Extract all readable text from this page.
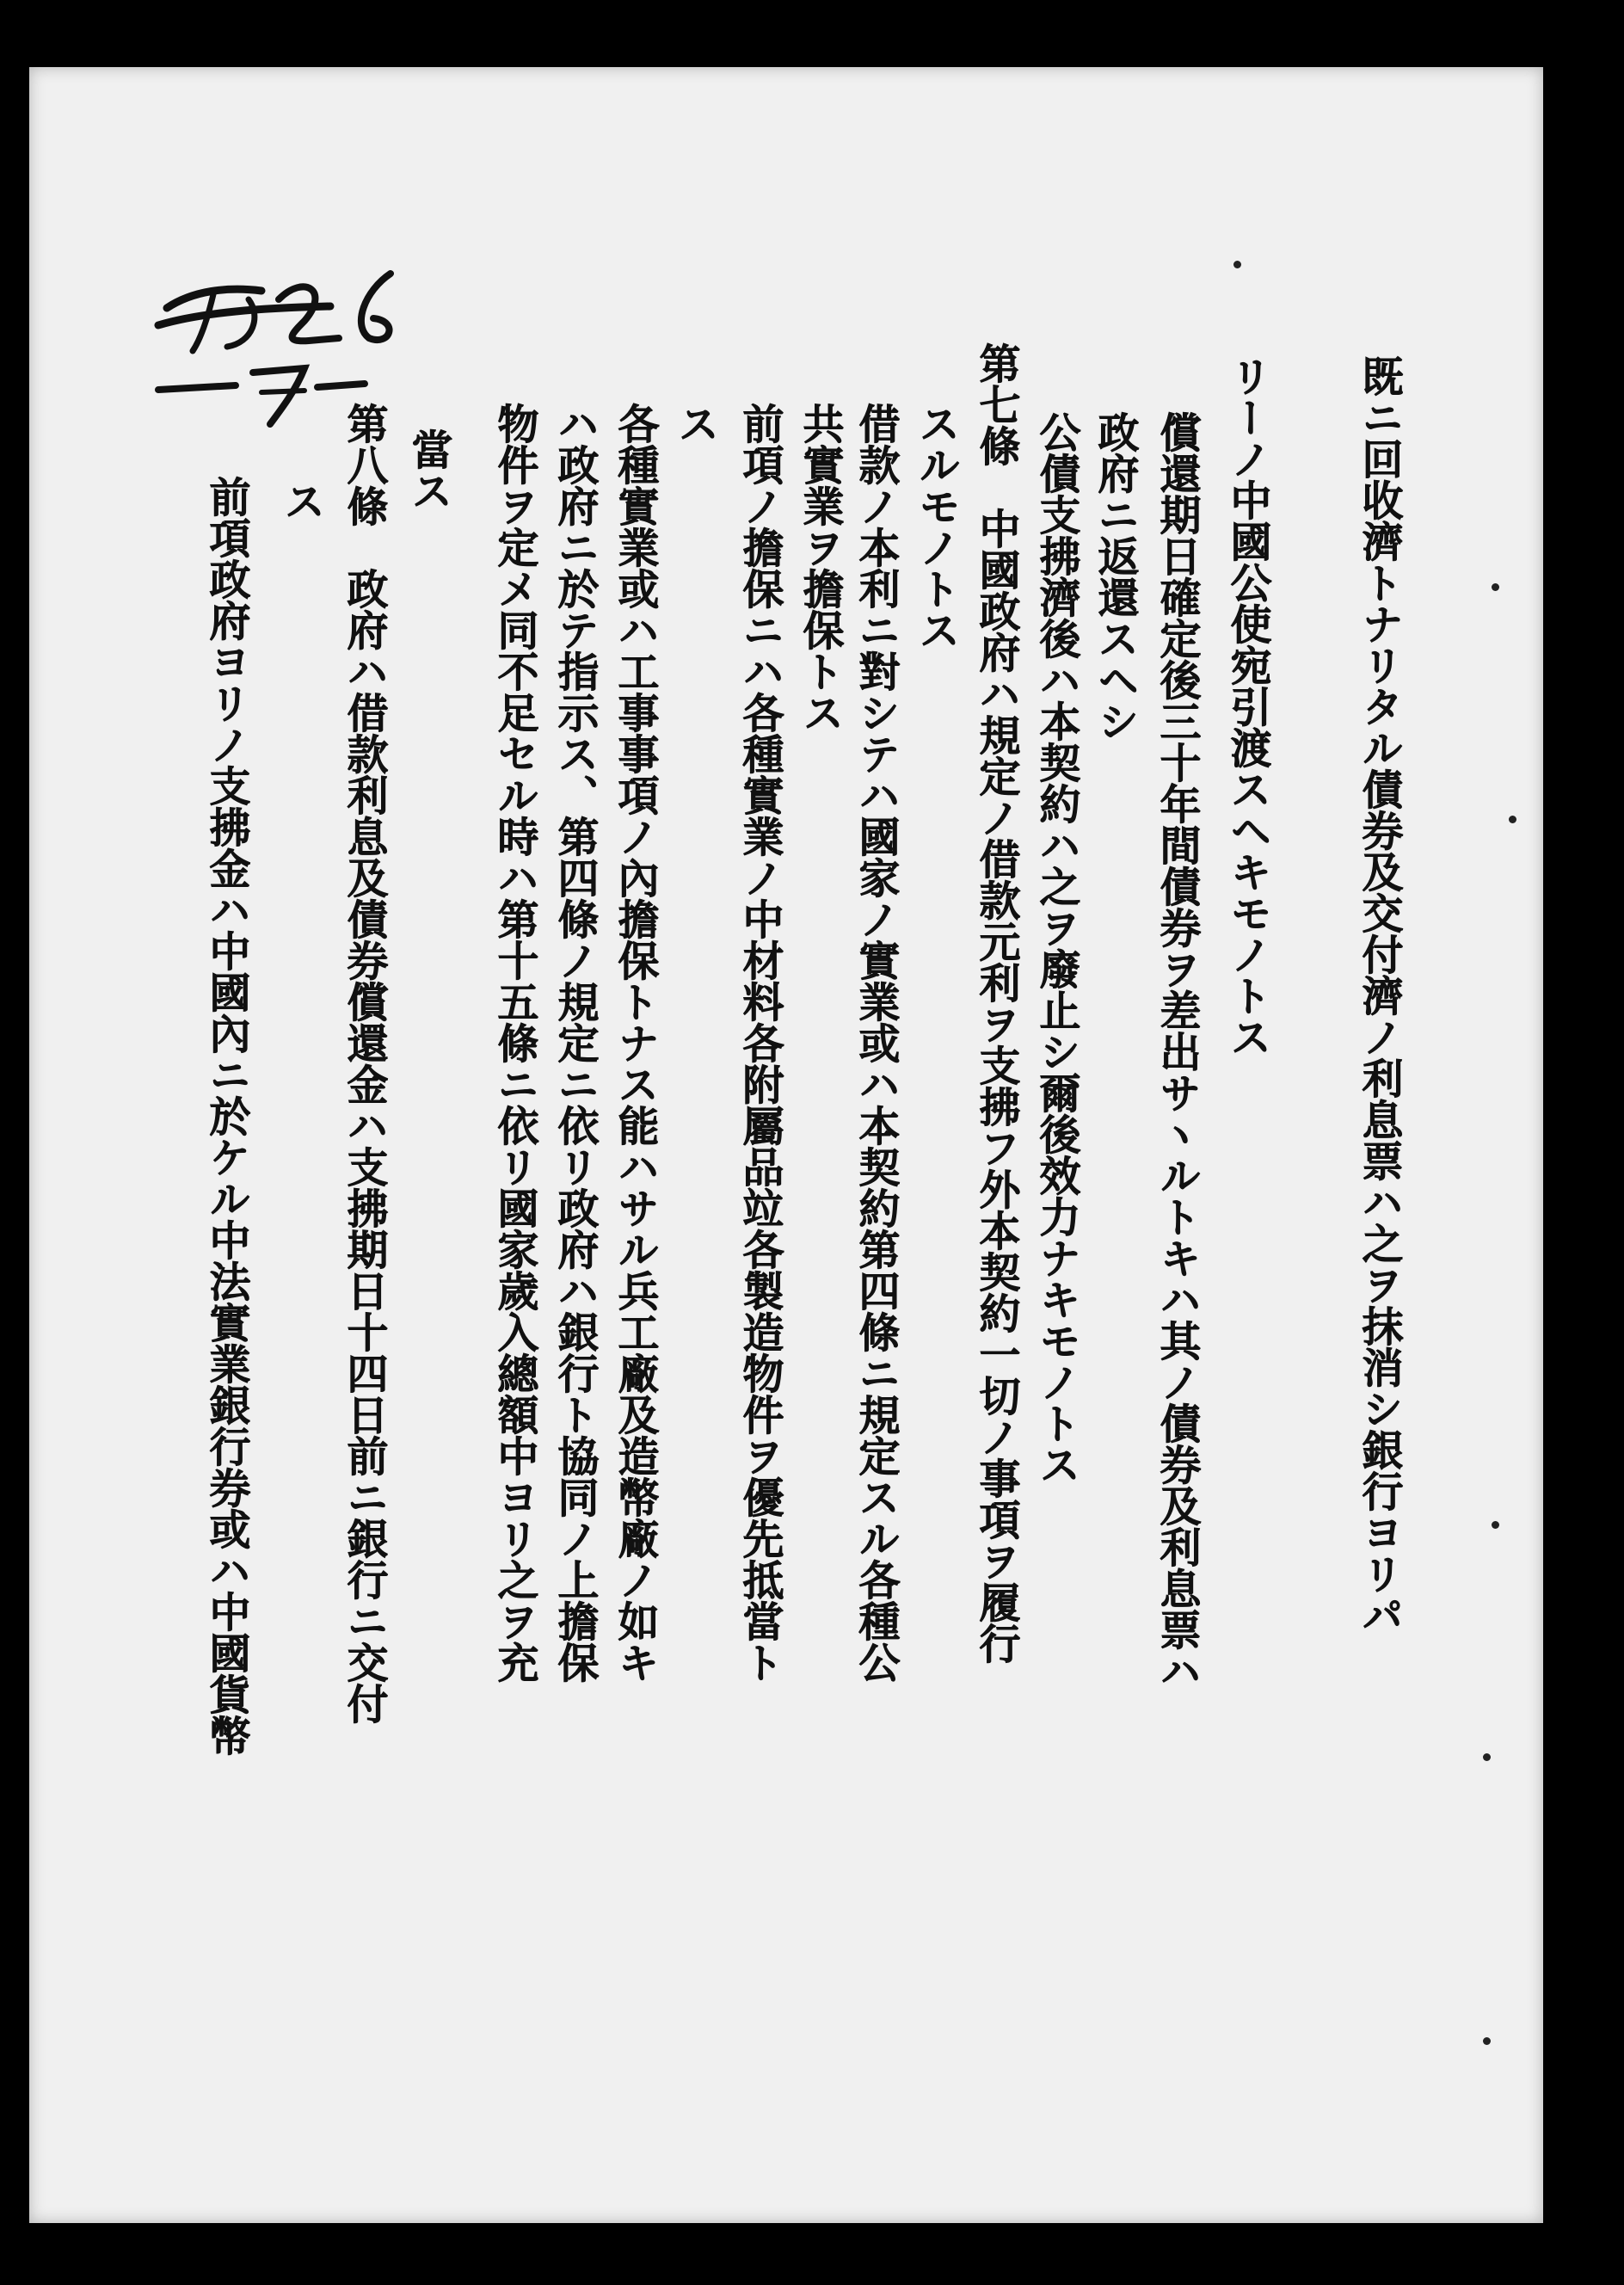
既ニ回收濟トナリタル債券及交付濟ノ利息票ハ之ヲ抹消シ銀行ヨリパ
リーノ中國公使宛引渡スヘキモノトス
償還期日確定後三十年間債券ヲ差出サヽルトキハ其ノ債券及利息票ハ
政府ニ返還スヘシ
公債支拂濟後ハ本契約ハ之ヲ廢止シ爾後效力ナキモノトス
第七條　中國政府ハ規定ノ借款元利ヲ支拂フ外本契約一切ノ事項ヲ履行
スルモノトス
借款ノ本利ニ對シテハ國家ノ實業或ハ本契約第四條ニ規定スル各種公
共實業ヲ擔保トス
前項ノ擔保ニハ各種實業ノ中材料各附屬品竝各製造物件ヲ優先抵當ト
ス
各種實業或ハ工事事項ノ內擔保トナス能ハサル兵工廠及造幣廠ノ如キ
ハ政府ニ於テ指示ス、第四條ノ規定ニ依リ政府ハ銀行ト協同ノ上擔保
物件ヲ定メ同不足セル時ハ第十五條ニ依リ國家歲入總額中ヨリ之ヲ充
當ス
第八條　政府ハ借款利息及債券償還金ハ支拂期日十四日前ニ銀行ニ交付
ス
前項政府ヨリノ支拂金ハ中國內ニ於ケル中法實業銀行券或ハ中國貨幣
